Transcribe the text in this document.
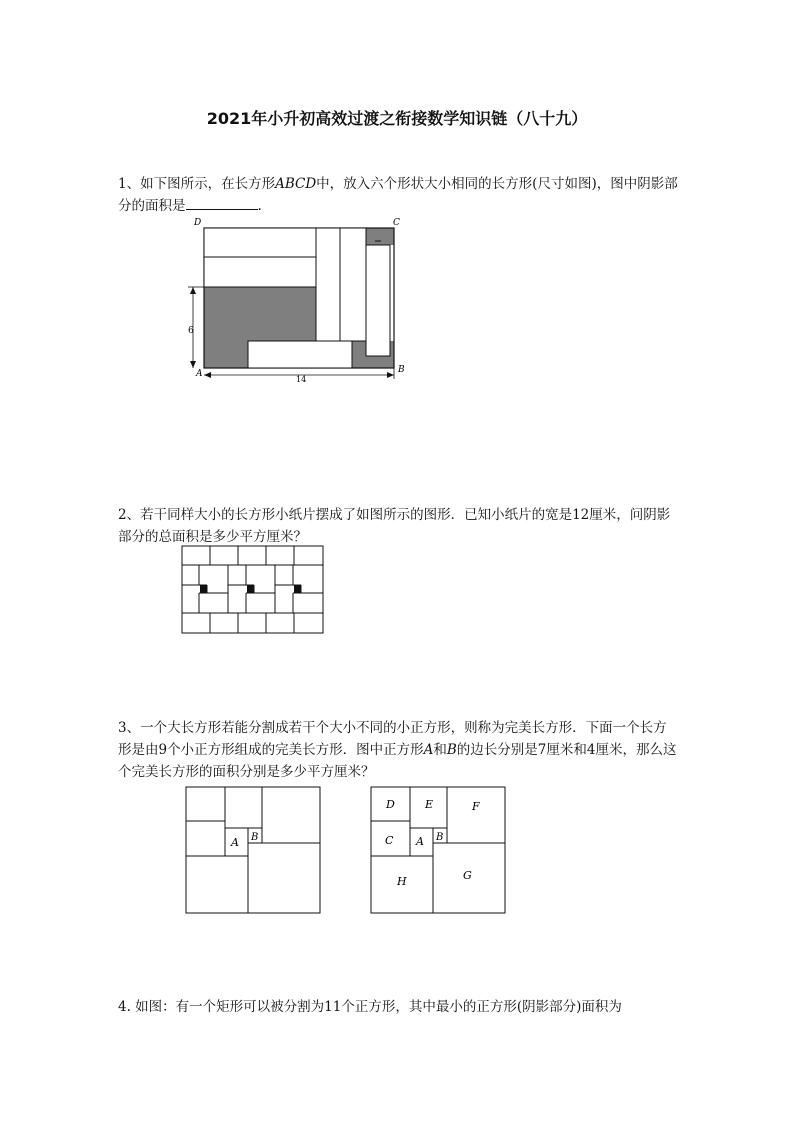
2021年小升初高效过渡之衔接数学知识链（八十九）
1、如下图所示，在长方形ABCD中，放入六个形状大小相同的长方形(尺寸如图)，图中阴影部分的面积是	.
6
14
D	C
A	B
2、若干同样大小的长方形小纸片摆成了如图所示的图形．已知小纸片的宽是12厘米，问阴影部分的总面积是多少平方厘米？
3、一个大长方形若能分割成若干个大小不同的小正方形，则称为完美长方形．下面一个长方形是由9个小正方形组成的完美长方形．图中正方形A和B的边长分别是7厘米和4厘米，那么这个完美长方形的面积分别是多少平方厘米？
A B
D	E	F
C A B
H	G
4. 如图：有一个矩形可以被分割为11个正方形，其中最小的正方形(阴影部分)面积为
